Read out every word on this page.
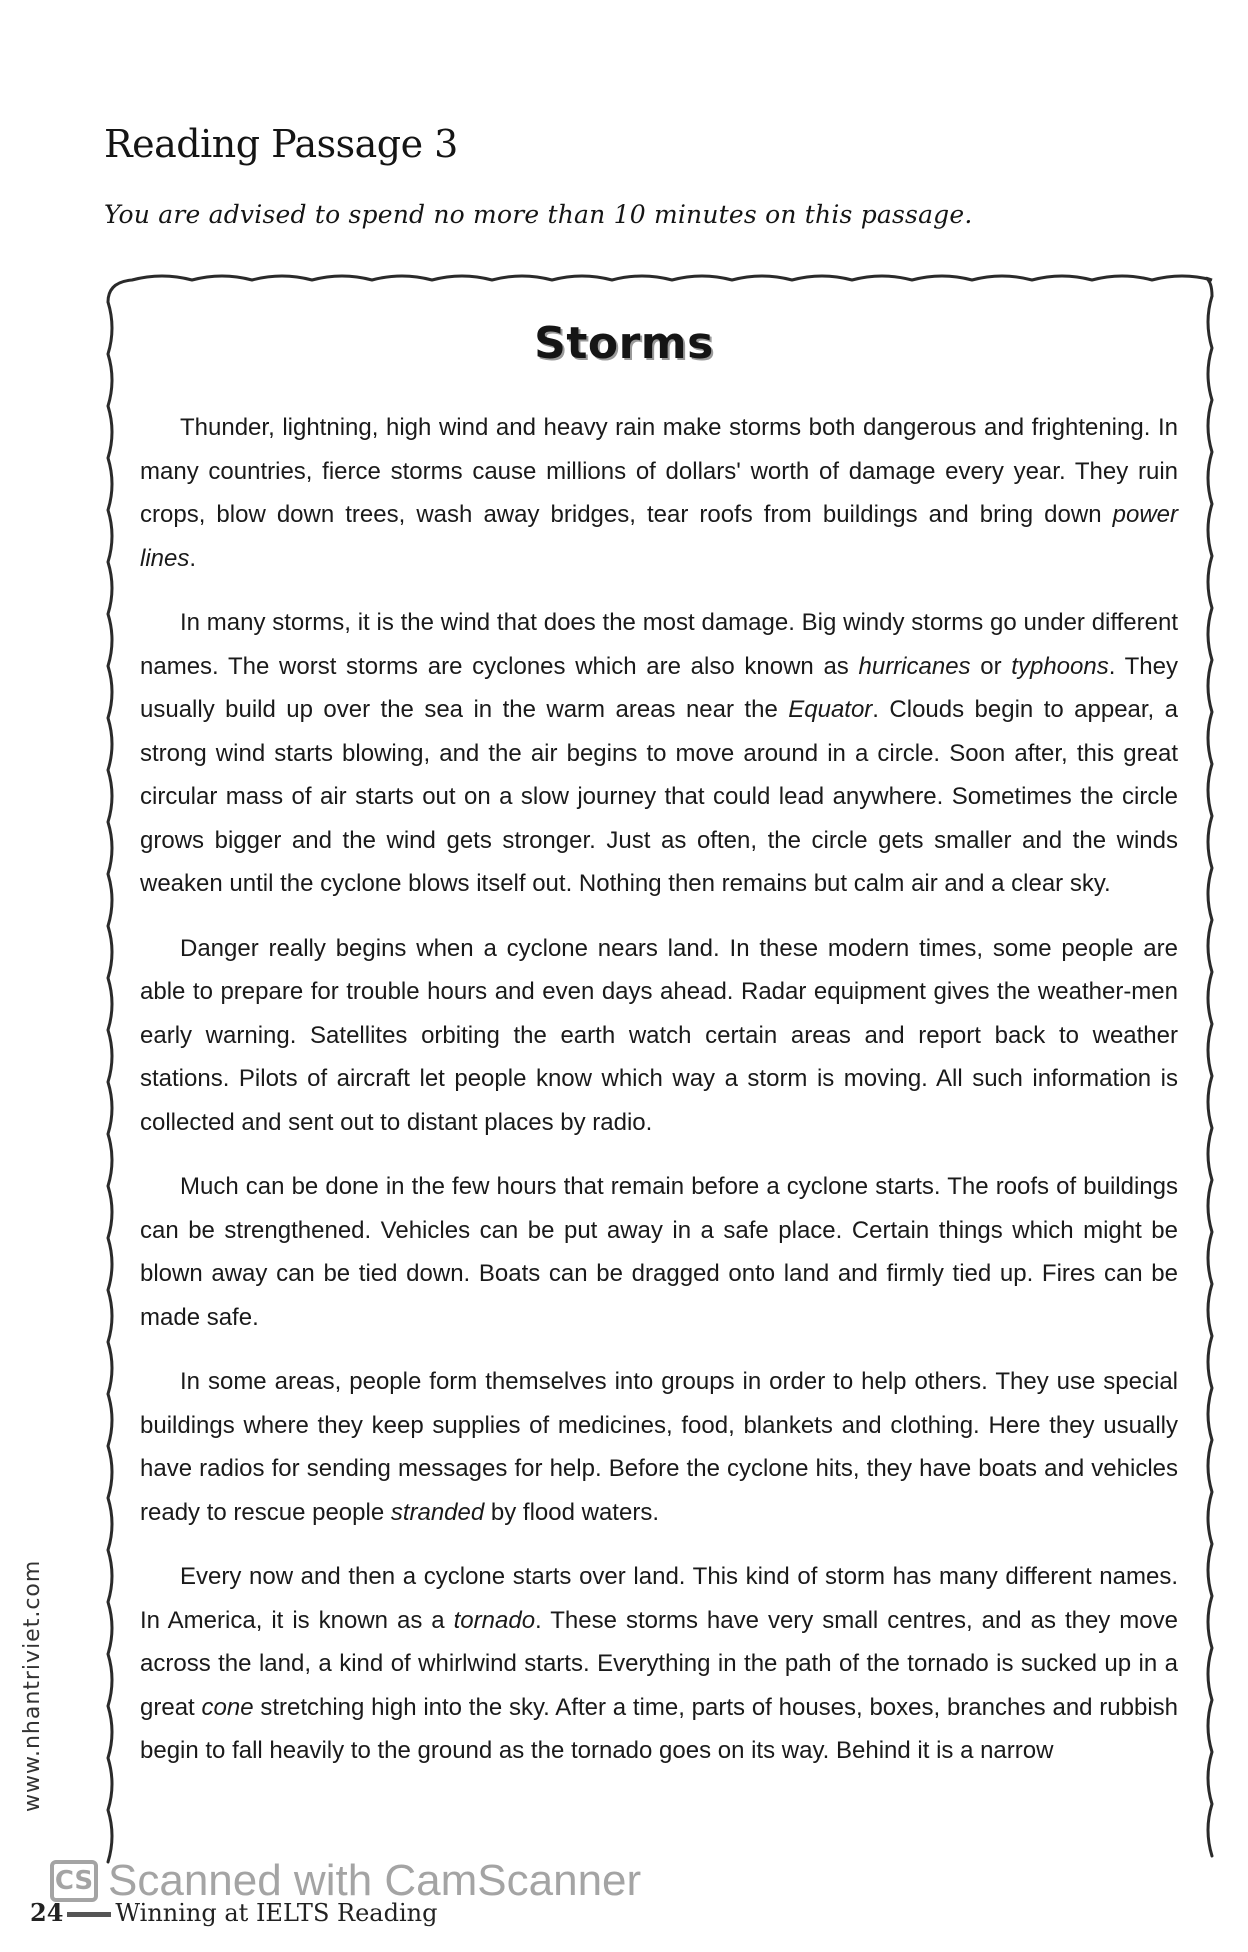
Reading Passage 3

You are advised to spend no more than 10 minutes on this passage.

Storms

Thunder, lightning, high wind and heavy rain make storms both dangerous and frightening. In many countries, fierce storms cause millions of dollars' worth of damage every year. They ruin crops, blow down trees, wash away bridges, tear roofs from buildings and bring down power lines.

In many storms, it is the wind that does the most damage. Big windy storms go under different names. The worst storms are cyclones which are also known as hurricanes or typhoons. They usually build up over the sea in the warm areas near the Equator. Clouds begin to appear, a strong wind starts blowing, and the air begins to move around in a circle. Soon after, this great circular mass of air starts out on a slow journey that could lead anywhere. Sometimes the circle grows bigger and the wind gets stronger. Just as often, the circle gets smaller and the winds weaken until the cyclone blows itself out. Nothing then remains but calm air and a clear sky.

Danger really begins when a cyclone nears land. In these modern times, some people are able to prepare for trouble hours and even days ahead. Radar equipment gives the weather-men early warning. Satellites orbiting the earth watch certain areas and report back to weather stations. Pilots of aircraft let people know which way a storm is moving. All such information is collected and sent out to distant places by radio.

Much can be done in the few hours that remain before a cyclone starts. The roofs of buildings can be strengthened. Vehicles can be put away in a safe place. Certain things which might be blown away can be tied down. Boats can be dragged onto land and firmly tied up. Fires can be made safe.

In some areas, people form themselves into groups in order to help others. They use special buildings where they keep supplies of medicines, food, blankets and clothing. Here they usually have radios for sending messages for help. Before the cyclone hits, they have boats and vehicles ready to rescue people stranded by flood waters.

Every now and then a cyclone starts over land. This kind of storm has many different names. In America, it is known as a tornado. These storms have very small centres, and as they move across the land, a kind of whirlwind starts. Everything in the path of the tornado is sucked up in a great cone stretching high into the sky. After a time, parts of houses, boxes, branches and rubbish begin to fall heavily to the ground as the tornado goes on its way. Behind it is a narrow

www.nhantriviet.com
24 Winning at IELTS Reading
CS Scanned with CamScanner
